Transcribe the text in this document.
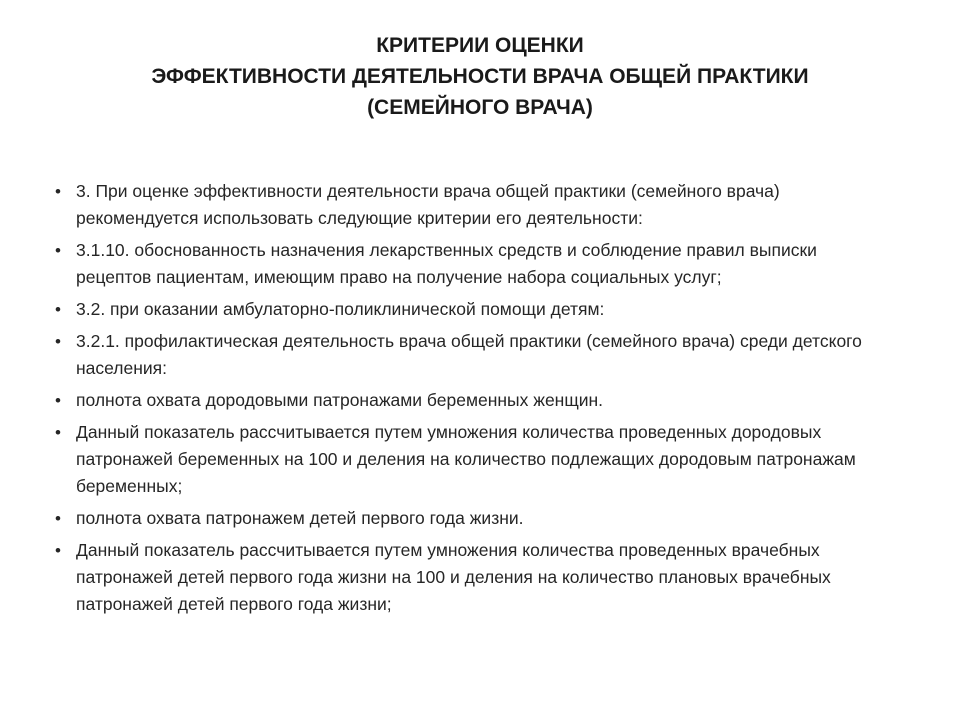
КРИТЕРИИ ОЦЕНКИ
ЭФФЕКТИВНОСТИ ДЕЯТЕЛЬНОСТИ ВРАЧА ОБЩЕЙ ПРАКТИКИ
(СЕМЕЙНОГО ВРАЧА)
• 3. При оценке эффективности деятельности врача общей практики (семейного врача) рекомендуется использовать следующие критерии его деятельности:
• 3.1.10. обоснованность назначения лекарственных средств и соблюдение правил выписки рецептов пациентам, имеющим право на получение набора социальных услуг;
• 3.2. при оказании амбулаторно-поликлинической помощи детям:
• 3.2.1. профилактическая деятельность врача общей практики (семейного врача) среди детского населения:
• полнота охвата дородовыми патронажами беременных женщин.
• Данный показатель рассчитывается путем умножения количества проведенных дородовых патронажей беременных на 100 и деления на количество подлежащих дородовым патронажам беременных;
• полнота охвата патронажем детей первого года жизни.
• Данный показатель рассчитывается путем умножения количества проведенных врачебных патронажей детей первого года жизни на 100 и деления на количество плановых врачебных патронажей детей первого года жизни;
